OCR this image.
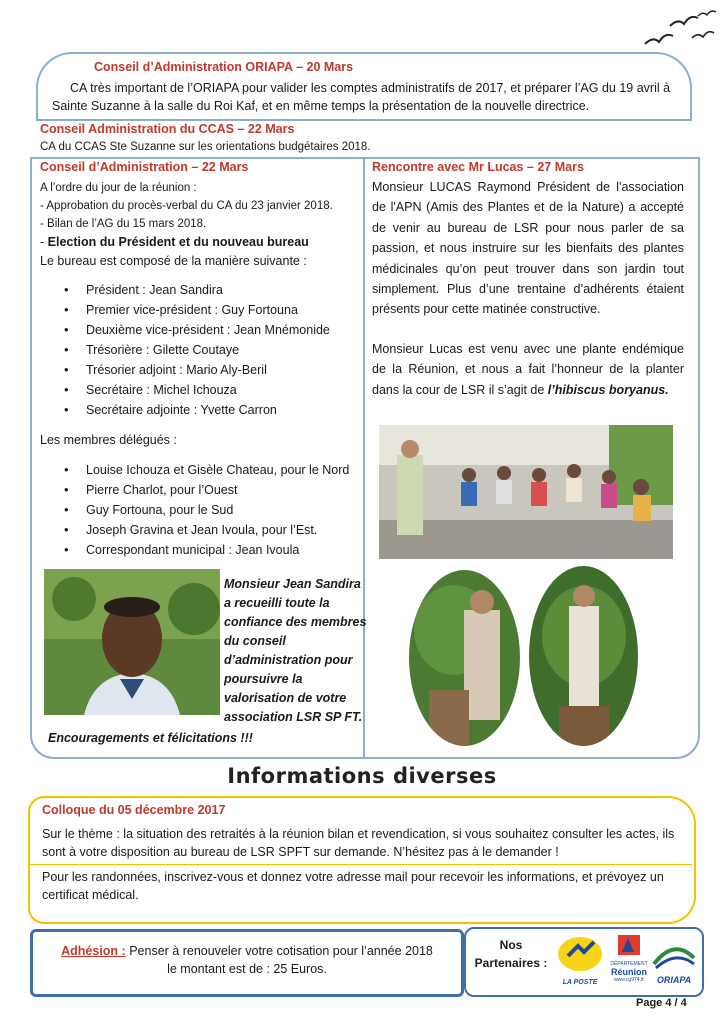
Conseil d’Administration ORIAPA – 20 Mars
CA très important de l’ORIAPA pour valider les comptes administratifs de 2017, et préparer l’AG du 19 avril à Sainte Suzanne à la salle du Roi Kaf, et en même temps la présentation de la nouvelle directrice.
Conseil Administration du CCAS – 22 Mars
CA du CCAS Ste Suzanne sur les orientations budgétaires 2018.
Conseil d’Administration – 22 Mars
A l’ordre du jour de la réunion :
- Approbation du procès-verbal du CA du 23 janvier 2018.
- Bilan de l’AG du 15 mars 2018.
- Election du Président et du nouveau bureau
Le bureau est composé de la manière suivante :
• Président : Jean Sandira
• Premier vice-président : Guy Fortouna
• Deuxième vice-président : Jean Mnémonide
• Trésorière : Gilette Coutaye
• Trésorier adjoint : Mario Aly-Beril
• Secrétaire : Michel Ichouza
• Secrétaire adjointe : Yvette Carron
Les membres délégués :
• Louise Ichouza et Gisèle Chateau, pour le Nord
• Pierre Charlot, pour l’Ouest
• Guy Fortouna, pour le Sud
• Joseph Gravina et Jean Ivoula, pour l’Est.
• Correspondant municipal : Jean Ivoula
Monsieur Jean Sandira
a recueilli toute la
confiance des membres
du conseil
d’administration pour
poursuivre la
valorisation de votre
association LSR SP FT.
Encouragements et félicitations !!!
Rencontre avec Mr Lucas – 27 Mars
Monsieur LUCAS Raymond Président de l'association de l'APN (Amis des Plantes et de la Nature) a accepté de venir au bureau de LSR pour nous parler de sa passion, et nous instruire sur les bienfaits des plantes médicinales qu’on peut trouver dans son jardin tout simplement. Plus d’une trentaine d’adhérents étaient présents pour cette matinée constructive.
Monsieur Lucas est venu avec une plante endémique de la Réunion, et nous a fait l’honneur de la planter dans la cour de LSR il s’agit de l’hibiscus boryanus.
Informations diverses
Colloque du 05 décembre 2017
Sur le thème : la situation des retraités à la réunion bilan et revendication, si vous souhaitez consulter les actes, ils sont à votre disposition au bureau de LSR SPFT sur demande. N’hésitez pas à le demander !
Pour les randonnées, inscrivez-vous et donnez votre adresse mail pour recevoir les informations, et prévoyez un certificat médical.
Adhésion : Penser à renouveler votre cotisation pour l’année 2018
le montant est de : 25 Euros.
Nos
Partenaires :
LA POSTE
DÉPARTEMENT
Réunion
www.cg974.fr	ORIAPA
Page 4 / 4
